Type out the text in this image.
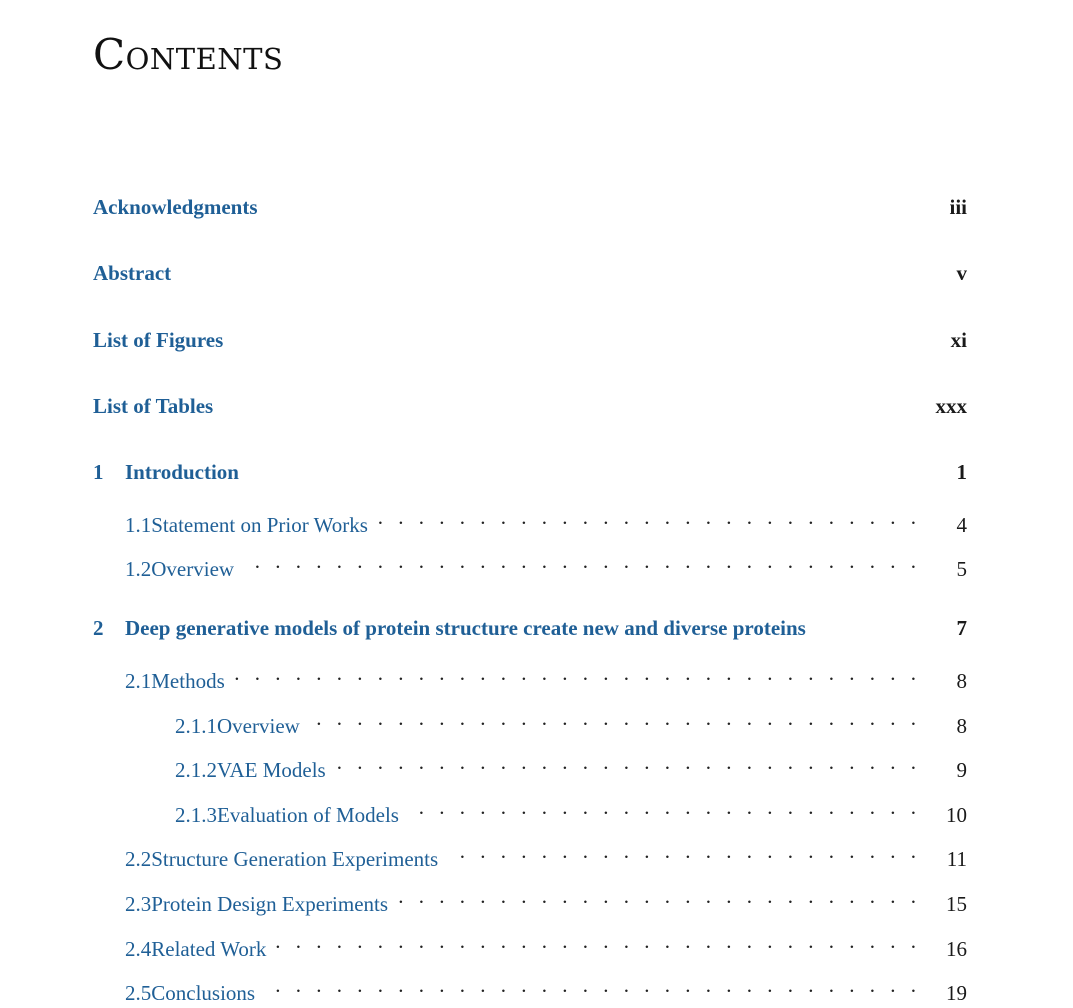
Contents
Acknowledgments	iii
Abstract	v
List of Figures	xi
List of Tables	xxx
1	Introduction	1
1.1 Statement on Prior Works . . .	4
1.2 Overview . . .	5
2	Deep generative models of protein structure create new and diverse proteins	7
2.1 Methods . . .	8
2.1.1 Overview . . .	8
2.1.2 VAE Models . . .	9
2.1.3 Evaluation of Models . . .	10
2.2 Structure Generation Experiments . . .	11
2.3 Protein Design Experiments . . .	15
2.4 Related Work . . .	16
2.5 Conclusions . . .	19
